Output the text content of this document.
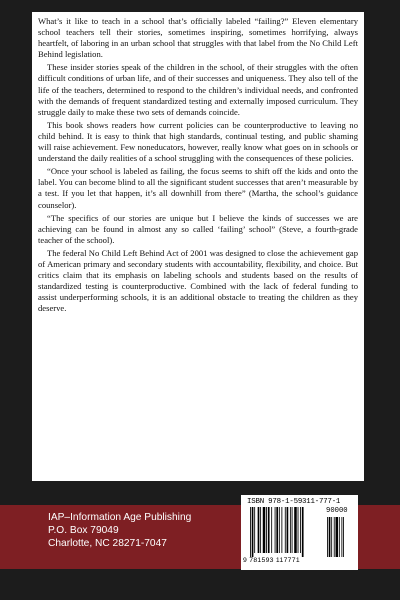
What’s it like to teach in a school that’s officially labeled “failing?” Eleven elementary school teachers tell their stories, sometimes inspiring, sometimes horrifying, always heartfelt, of laboring in an urban school that struggles with that label from the No Child Left Behind legislation.

These insider stories speak of the children in the school, of their struggles with the often difficult conditions of urban life, and of their successes and uniqueness. They also tell of the life of the teachers, determined to respond to the children’s individual needs, and confronted with the demands of frequent standardized testing and externally imposed curriculum. They struggle daily to make these two sets of demands coincide.

This book shows readers how current policies can be counterproductive to leaving no child behind. It is easy to think that high standards, continual testing, and public shaming will raise achievement. Few noneducators, however, really know what goes on in schools or understand the daily realities of a school struggling with the consequences of these policies.

“Once your school is labeled as failing, the focus seems to shift off the kids and onto the label. You can become blind to all the significant student successes that aren’t measurable by a test. If you let that happen, it’s all downhill from there” (Martha, the school’s guidance counselor).

“The specifics of our stories are unique but I believe the kinds of successes we are achieving can be found in almost any so called ‘failing’ school” (Steve, a fourth-grade teacher of the school).

The federal No Child Left Behind Act of 2001 was designed to close the achievement gap of American primary and secondary students with accountability, flexibility, and choice. But critics claim that its emphasis on labeling schools and students based on the results of standardized testing is counterproductive. Combined with the lack of federal funding to assist underperforming schools, it is an additional obstacle to treating the children as they deserve.

IAP–Information Age Publishing
P.O. Box 79049
Charlotte, NC 28271-7047
ISBN 978-1-59311-777-1
90000
9 781593 117771
